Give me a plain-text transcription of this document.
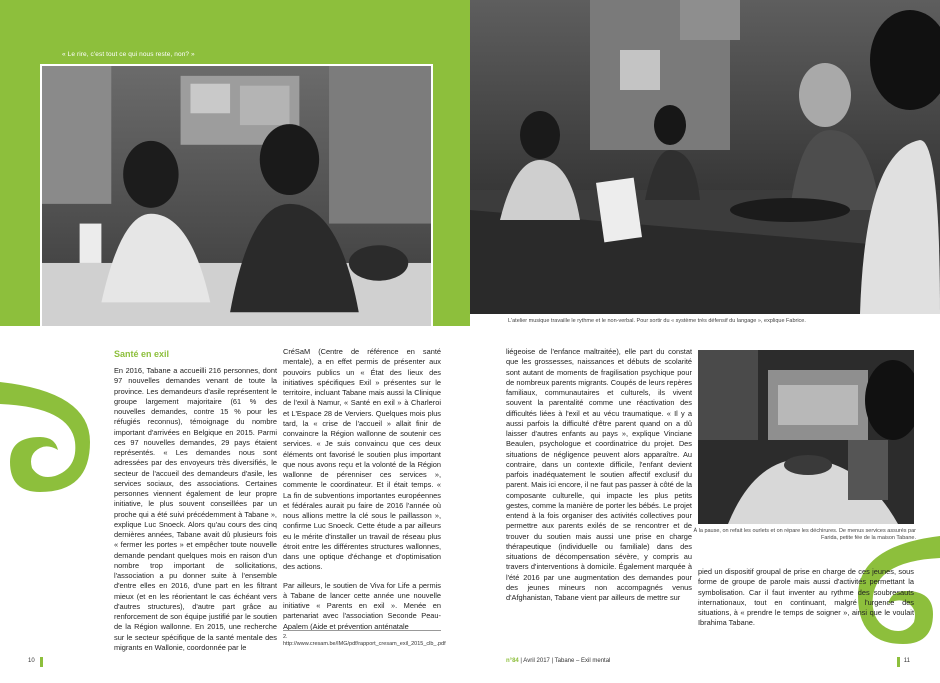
« Le rire, c'est tout ce qui nous reste, non? »
Santé en exil

En 2016, Tabane a accueilli 216 personnes, dont 97 nouvelles demandes venant de toute la province. Les demandeurs d'asile représentent le groupe largement majoritaire (61 % des nouvelles demandes, contre 15 % pour les réfugiés reconnus), témoignage du nombre important d'arrivées en Belgique en 2015. Parmi ces 97 nouvelles demandes, 29 pays étaient représentés. « Les demandes nous sont adressées par des envoyeurs très diversifiés, le secteur de l'accueil des demandeurs d'asile, les services sociaux, des associations. Certaines personnes viennent également de leur propre initiative, le plus souvent conseillées par un proche qui a été suivi précédemment à Tabane », explique Luc Snoeck. Alors qu'au cours des cinq dernières années, Tabane avait dû plusieurs fois « fermer les portes » et empêcher toute nouvelle demande pendant quelques mois en raison d'un nombre trop important de sollicitations, l'association a pu donner suite à l'ensemble d'entre elles en 2016, d'une part en les filtrant mieux (et en les réorientant le cas échéant vers d'autres structures), d'autre part grâce au renforcement de son équipe justifié par le soutien de la Région wallonne. En 2015, une recherche sur le secteur spécifique de la santé mentale des migrants en Wallonie, coordonnée par le

CréSaM (Centre de référence en santé mentale), a en effet permis de présenter aux pouvoirs publics un « État des lieux des initiatives spécifiques Exil » présentes sur le territoire, incluant Tabane mais aussi la Clinique de l'exil à Namur, « Santé en exil » à Charleroi et L'Espace 28 de Verviers. Quelques mois plus tard, la « crise de l'accueil » allait finir de convaincre la Région wallonne de soutenir ces services. « Je suis convaincu que ces deux éléments ont favorisé le soutien plus important que nous avons reçu et la volonté de la Région wallonne de pérenniser ces services », commente le coordinateur. Et il était temps. « La fin de subventions importantes européennes et fédérales aurait pu faire de 2016 l'année où nous allions mettre la clé sous le paillasson », confirme Luc Snoeck. Cette étude a par ailleurs eu le mérite d'installer un travail de réseau plus étroit entre les différentes structures wallonnes, dans une optique d'échange et d'optimisation des actions.

Par ailleurs, le soutien de Viva for Life a permis à Tabane de lancer cette année une nouvelle initiative « Parents en exil ». Menée en partenariat avec l'association Seconde Peau-Apalem (Aide et prévention anténatale

2. http://www.cresam.be/IMG/pdf/rapport_cresam_exil_2015_clb_.pdf
10
L'atelier musique travaille le rythme et le non-verbal. Pour sortir du « système très défensif du langage », explique Fabrice.
À la pause, on refait les ourlets et on répare les déchirures. De menus services assurés par Farida, petite fée de la maison Tabane.

liégeoise de l'enfance maltraitée), elle part du constat que les grossesses, naissances et débuts de scolarité sont autant de moments de fragilisation psychique pour de nombreux parents migrants. Coupés de leurs repères familiaux, communautaires et culturels, ils vivent souvent la parentalité comme une réactivation des difficultés liées à l'exil et au vécu traumatique. « Il y a aussi parfois la difficulté d'être parent quand on a dû laisser d'autres enfants au pays », explique Vinciane Beaulen, psychologue et coordinatrice du projet. Des situations de négligence peuvent alors apparaître. Au contraire, dans un contexte difficile, l'enfant devient parfois inadéquatement le soutien affectif exclusif du parent. Mais ici encore, il ne faut pas passer à côté de la composante culturelle, qui impacte les plus petits gestes, comme la manière de porter les bébés. Le projet entend à la fois organiser des activités collectives pour permettre aux parents exilés de se rencontrer et de trouver du soutien mais aussi une prise en charge thérapeutique (individuelle ou familiale) dans des situations de décompensation sévère, y compris au travers d'interventions à domicile. Également marquée à l'été 2016 par une augmentation des demandes pour des jeunes mineurs non accompagnés venus d'Afghanistan, Tabane vient par ailleurs de mettre sur

pied un dispositif groupal de prise en charge de ces jeunes, sous forme de groupe de parole mais aussi d'activités permettant la symbolisation. Car il faut inventer au rythme des soubresauts internationaux, tout en continuant, malgré l'urgence des situations, à « prendre le temps de soigner », ainsi que le voulait Ibrahima Tabane.

n°84 | Avril 2017 | Tabane – Exil mental	11
